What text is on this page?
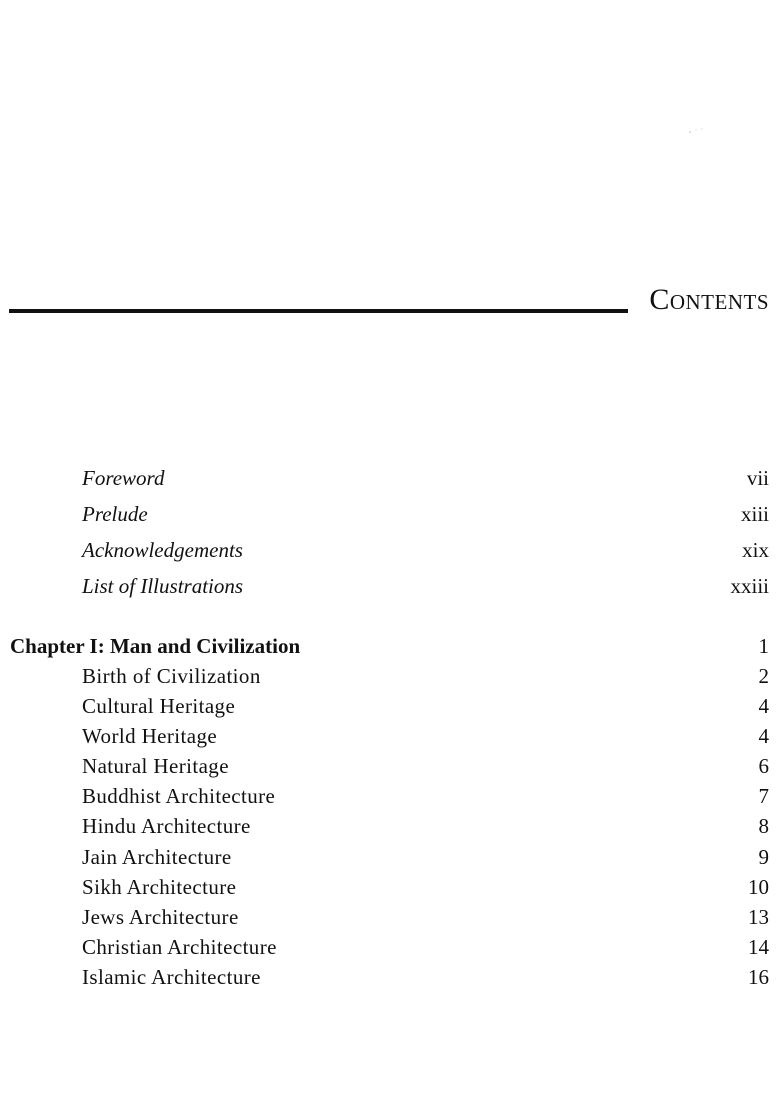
Contents
Foreword	vii
Prelude	xiii
Acknowledgements	xix
List of Illustrations	xxiii
Chapter I: Man and Civilization	1
Birth of Civilization	2
Cultural Heritage	4
World Heritage	4
Natural Heritage	6
Buddhist Architecture	7
Hindu Architecture	8
Jain Architecture	9
Sikh Architecture	10
Jews Architecture	13
Christian Architecture	14
Islamic Architecture	16
